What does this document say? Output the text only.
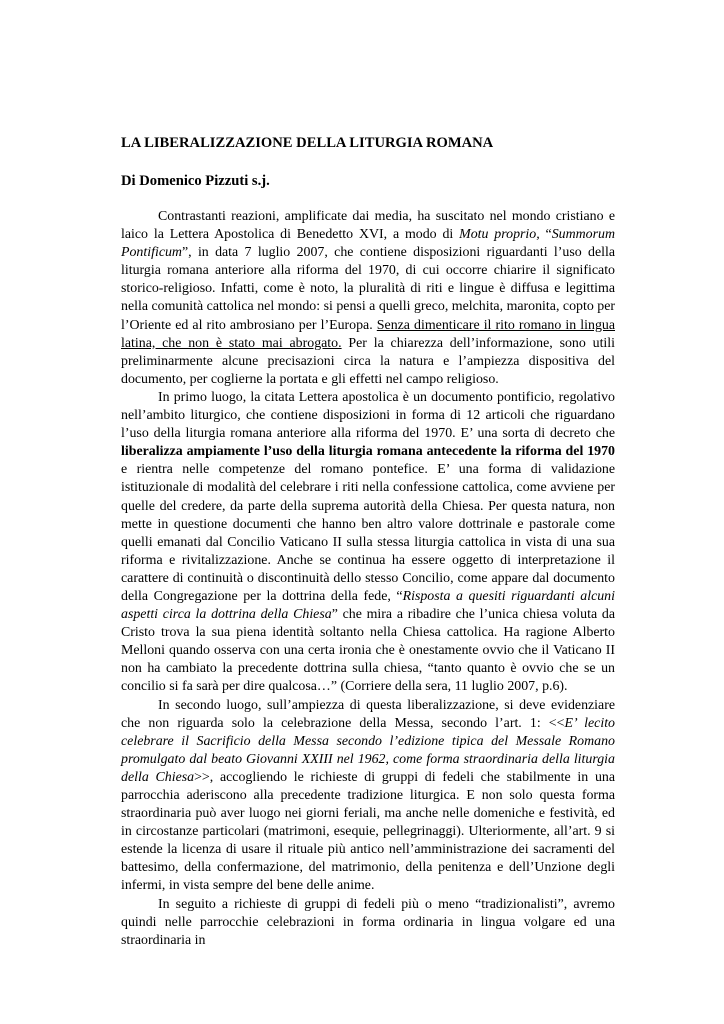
LA LIBERALIZZAZIONE DELLA LITURGIA ROMANA
Di Domenico Pizzuti s.j.

Contrastanti reazioni, amplificate dai media, ha suscitato nel mondo cristiano e laico la Lettera Apostolica di Benedetto XVI, a modo di Motu proprio, “Summorum Pontificum”, in data 7 luglio 2007, che contiene disposizioni riguardanti l’uso della liturgia romana anteriore alla riforma del 1970, di cui occorre chiarire il significato storico-religioso. Infatti, come è noto, la pluralità di riti e lingue è diffusa e legittima nella comunità cattolica nel mondo: si pensi a quelli greco, melchita, maronita, copto per l’Oriente ed al rito ambrosiano per l’Europa. Senza dimenticare il rito romano in lingua latina, che non è stato mai abrogato. Per la chiarezza dell’informazione, sono utili preliminarmente alcune precisazioni circa la natura e l’ampiezza dispositiva del documento, per coglierne la portata e gli effetti nel campo religioso.

In primo luogo, la citata Lettera apostolica è un documento pontificio, regolativo nell’ambito liturgico, che contiene disposizioni in forma di 12 articoli che riguardano l’uso della liturgia romana anteriore alla riforma del 1970. E’ una sorta di decreto che liberalizza ampiamente l’uso della liturgia romana antecedente la riforma del 1970 e rientra nelle competenze del romano pontefice. E’ una forma di validazione istituzionale di modalità del celebrare i riti nella confessione cattolica, come avviene per quelle del credere, da parte della suprema autorità della Chiesa. Per questa natura, non mette in questione documenti che hanno ben altro valore dottrinale e pastorale come quelli emanati dal Concilio Vaticano II sulla stessa liturgia cattolica in vista di una sua riforma e rivitalizzazione. Anche se continua ha essere oggetto di interpretazione il carattere di continuità o discontinuità dello stesso Concilio, come appare dal documento della Congregazione per la dottrina della fede, “Risposta a quesiti riguardanti alcuni aspetti circa la dottrina della Chiesa” che mira a ribadire che l’unica chiesa voluta da Cristo trova la sua piena identità soltanto nella Chiesa cattolica. Ha ragione Alberto Melloni quando osserva con una certa ironia che è onestamente ovvio che il Vaticano II non ha cambiato la precedente dottrina sulla chiesa, “tanto quanto è ovvio che se un concilio si fa sarà per dire qualcosa…” (Corriere della sera, 11 luglio 2007, p.6).

In secondo luogo, sull’ampiezza di questa liberalizzazione, si deve evidenziare che non riguarda solo la celebrazione della Messa, secondo l’art. 1: <<E’ lecito celebrare il Sacrificio della Messa secondo l’edizione tipica del Messale Romano promulgato dal beato Giovanni XXIII nel 1962, come forma straordinaria della liturgia della Chiesa>>, accogliendo le richieste di gruppi di fedeli che stabilmente in una parrocchia aderiscono alla precedente tradizione liturgica. E non solo questa forma straordinaria può aver luogo nei giorni feriali, ma anche nelle domeniche e festività, ed in circostanze particolari (matrimoni, esequie, pellegrinaggi). Ulteriormente, all’art. 9 si estende la licenza di usare il rituale più antico nell’amministrazione dei sacramenti del battesimo, della confermazione, del matrimonio, della penitenza e dell’Unzione degli infermi, in vista sempre del bene delle anime.

In seguito a richieste di gruppi di fedeli più o meno “tradizionalisti”, avremo quindi nelle parrocchie celebrazioni in forma ordinaria in lingua volgare ed una straordinaria in
